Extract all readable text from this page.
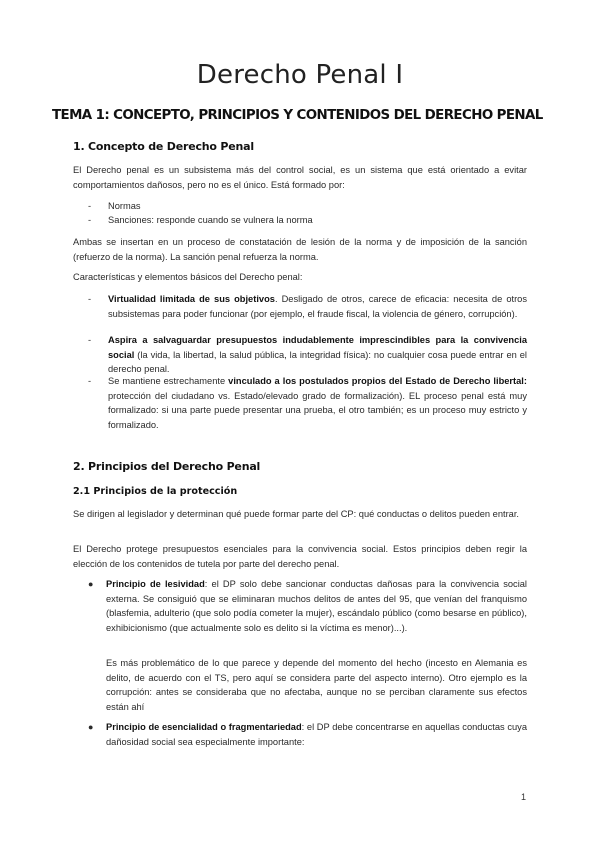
Derecho Penal I
TEMA 1: CONCEPTO, PRINCIPIOS Y CONTENIDOS DEL DERECHO PENAL
1. Concepto de Derecho Penal
El Derecho penal es un subsistema más del control social, es un sistema que está orientado a evitar comportamientos dañosos, pero no es el único. Está formado por:
- Normas
- Sanciones: responde cuando se vulnera la norma
Ambas se insertan en un proceso de constatación de lesión de la norma y de imposición de la sanción (refuerzo de la norma). La sanción penal refuerza la norma.
Características y elementos básicos del Derecho penal:
- Virtualidad limitada de sus objetivos. Desligado de otros, carece de eficacia: necesita de otros subsistemas para poder funcionar (por ejemplo, el fraude fiscal, la violencia de género, corrupción).
- Aspira a salvaguardar presupuestos indudablemente imprescindibles para la convivencia social (la vida, la libertad, la salud pública, la integridad física): no cualquier cosa puede entrar en el derecho penal.
- Se mantiene estrechamente vinculado a los postulados propios del Estado de Derecho libertal: protección del ciudadano vs. Estado/elevado grado de formalización). EL proceso penal está muy formalizado: si una parte puede presentar una prueba, el otro también; es un proceso muy estricto y formalizado.
2. Principios del Derecho Penal
2.1 Principios de la protección
Se dirigen al legislador y determinan qué puede formar parte del CP: qué conductas o delitos pueden entrar.
El Derecho protege presupuestos esenciales para la convivencia social. Estos principios deben regir la elección de los contenidos de tutela por parte del derecho penal.
● Principio de lesividad: el DP solo debe sancionar conductas dañosas para la convivencia social externa. Se consiguió que se eliminaran muchos delitos de antes del 95, que venían del franquismo (blasfemia, adulterio (que solo podía cometer la mujer), escándalo público (como besarse en público), exhibicionismo (que actualmente solo es delito si la víctima es menor)...).
Es más problemático de lo que parece y depende del momento del hecho (incesto en Alemania es delito, de acuerdo con el TS, pero aquí se considera parte del aspecto interno). Otro ejemplo es la corrupción: antes se consideraba que no afectaba, aunque no se perciban claramente sus efectos están ahí
● Principio de esencialidad o fragmentariedad: el DP debe concentrarse en aquellas conductas cuya dañosidad social sea especialmente importante:
1
